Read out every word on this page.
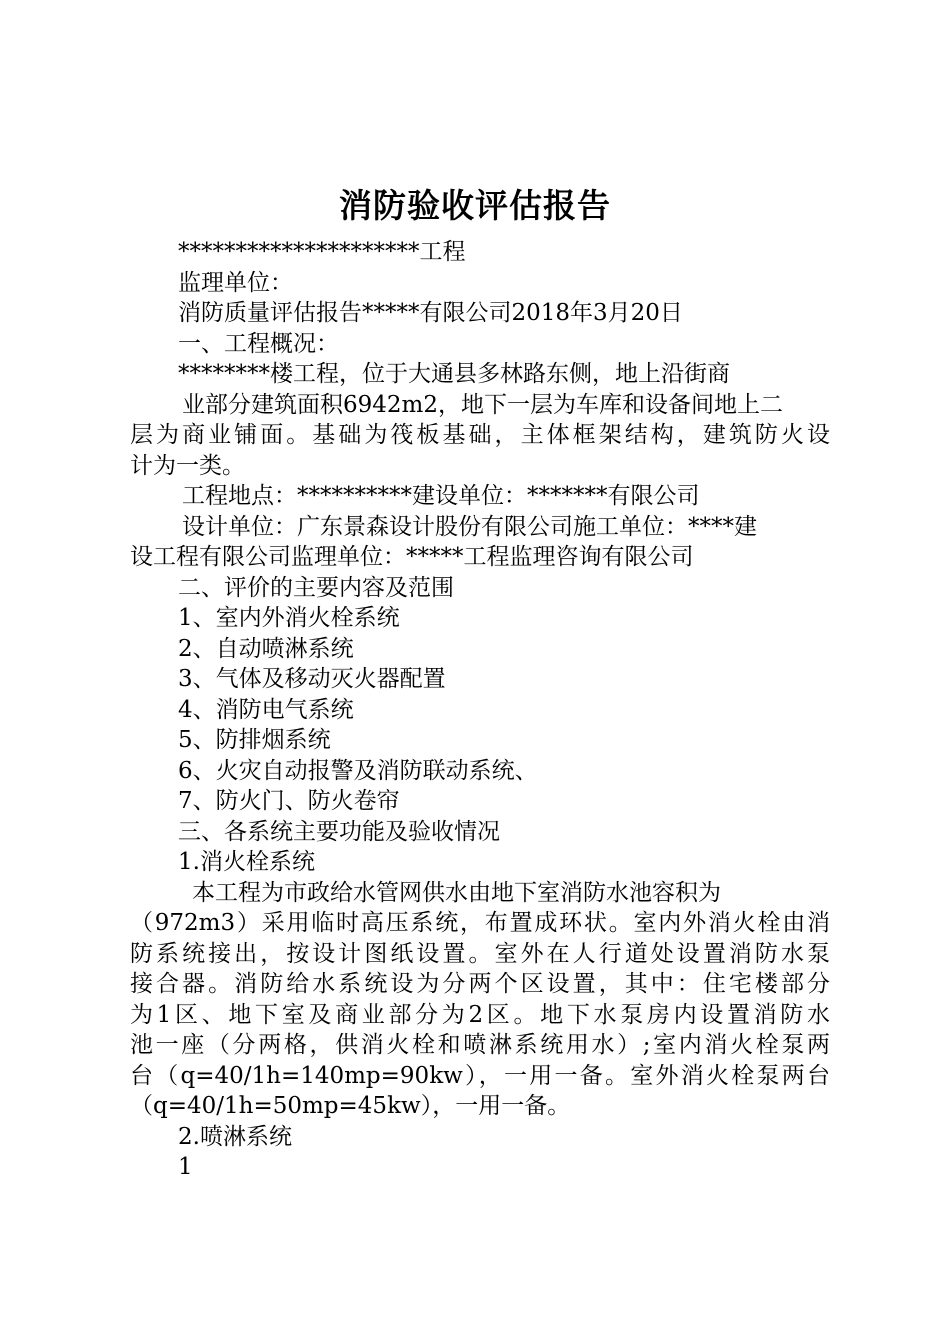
消防验收评估报告
*********************工程
监理单位：
消防质量评估报告*****有限公司2018年3月20日
一、工程概况：
********楼工程，位于大通县多林路东侧，地上沿街商
业部分建筑面积6942m2，地下一层为车库和设备间地上二
层为商业铺面。基础为筏板基础，主体框架结构，建筑防火设
计为一类。
工程地点：**********建设单位：*******有限公司
设计单位：广东景森设计股份有限公司施工单位：****建
设工程有限公司监理单位：*****工程监理咨询有限公司
二、评价的主要内容及范围
1、室内外消火栓系统
2、自动喷淋系统
3、气体及移动灭火器配置
4、消防电气系统
5、防排烟系统
6、火灾自动报警及消防联动系统、
7、防火门、防火卷帘
三、各系统主要功能及验收情况
1.消火栓系统
本工程为市政给水管网供水由地下室消防水池容积为
（972m3）采用临时高压系统，布置成环状。室内外消火栓由消
防系统接出，按设计图纸设置。室外在人行道处设置消防水泵
接合器。消防给水系统设为分两个区设置，其中：住宅楼部分
为1区、地下室及商业部分为2区。地下水泵房内设置消防水
池一座（分两格，供消火栓和喷淋系统用水）;室内消火栓泵两
台（q=40/1h=140mp=90kw），一用一备。室外消火栓泵两台
（q=40/1h=50mp=45kw），一用一备。
2.喷淋系统
1
